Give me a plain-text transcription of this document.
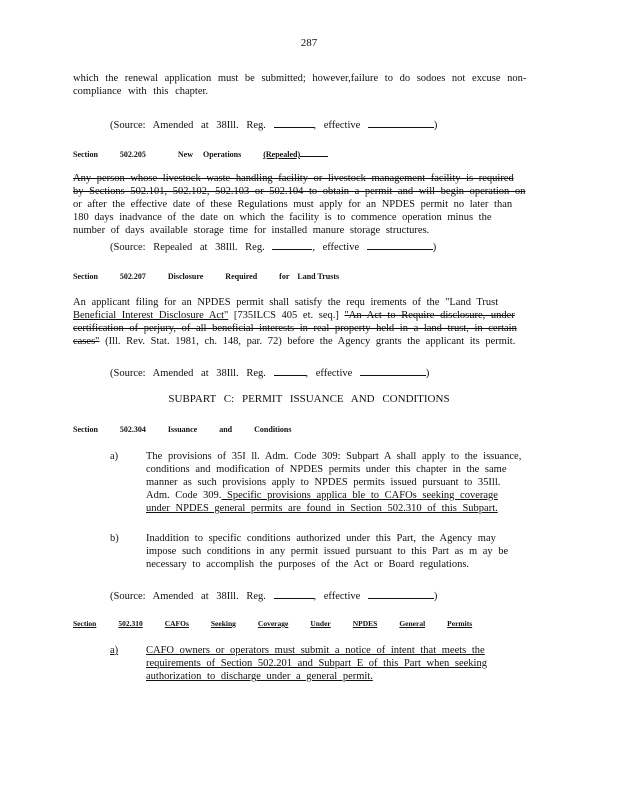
287
which the renewal application must be submitted; however,failure to do sodoes not excuse non-
compliance with this chapter.
(Source: Amended at 38Ill. Reg.	, effective	)
Section	502.205	New Operations	(Repealed)
Any person whose livestock waste handling facility or livestock management facility is required
by Sections 502.101, 502.102, 502.103 or 502.104 to obtain a permit and will begin operation on
or after the effective date of these Regulations must apply for an NPDES permit no later than
180 days inadvance of the date on which the facility is to commence operation minus the
number of days available storage time for installed manure storage structures.
(Source: Repealed at 38Ill. Reg.	, effective	)
Section	502.207	Disclosure	Required	for Land Trusts
An applicant filing for an NPDES permit shall satisfy the requ irements of the "Land Trust
Beneficial Interest Disclosure Act" [735ILCS 405 et. seq.] "An Act to Require disclosure, under
certification of perjury, of all beneficial interests in real property held in a land trust, in certain
cases" (Ill. Rev. Stat. 1981, ch. 148, par. 72) before the Agency grants the applicant its permit.
(Source: Amended at 38Ill. Reg.	, effective	)
SUBPART C: PERMIT ISSUANCE AND CONDITIONS
Section	502.304	Issuance	and	Conditions
a)	The provisions of 35I ll. Adm. Code 309: Subpart A shall apply to the issuance,
conditions and modification of NPDES permits under this chapter in the same
manner as such provisions apply to NPDES permits issued pursuant to 35Ill.
Adm. Code 309. Specific provisions applica ble to CAFOs seeking coverage
under NPDES general permits are found in Section 502.310 of this Subpart.
b)	Inaddition to specific conditions authorized under this Part, the Agency may
impose such conditions in any permit issued pursuant to this Part as m ay be
necessary to accomplish the purposes of the Act or Board regulations.
(Source: Amended at 38Ill. Reg.	, effective	)
Section	502.310	CAFOs	Seeking	Coverage	Under	NPDES	General	Permits
a)	CAFO owners or operators must submit a notice of intent that meets the
requirements of Section 502.201 and Subpart E of this Part when seeking
authorization to discharge under a general permit.
